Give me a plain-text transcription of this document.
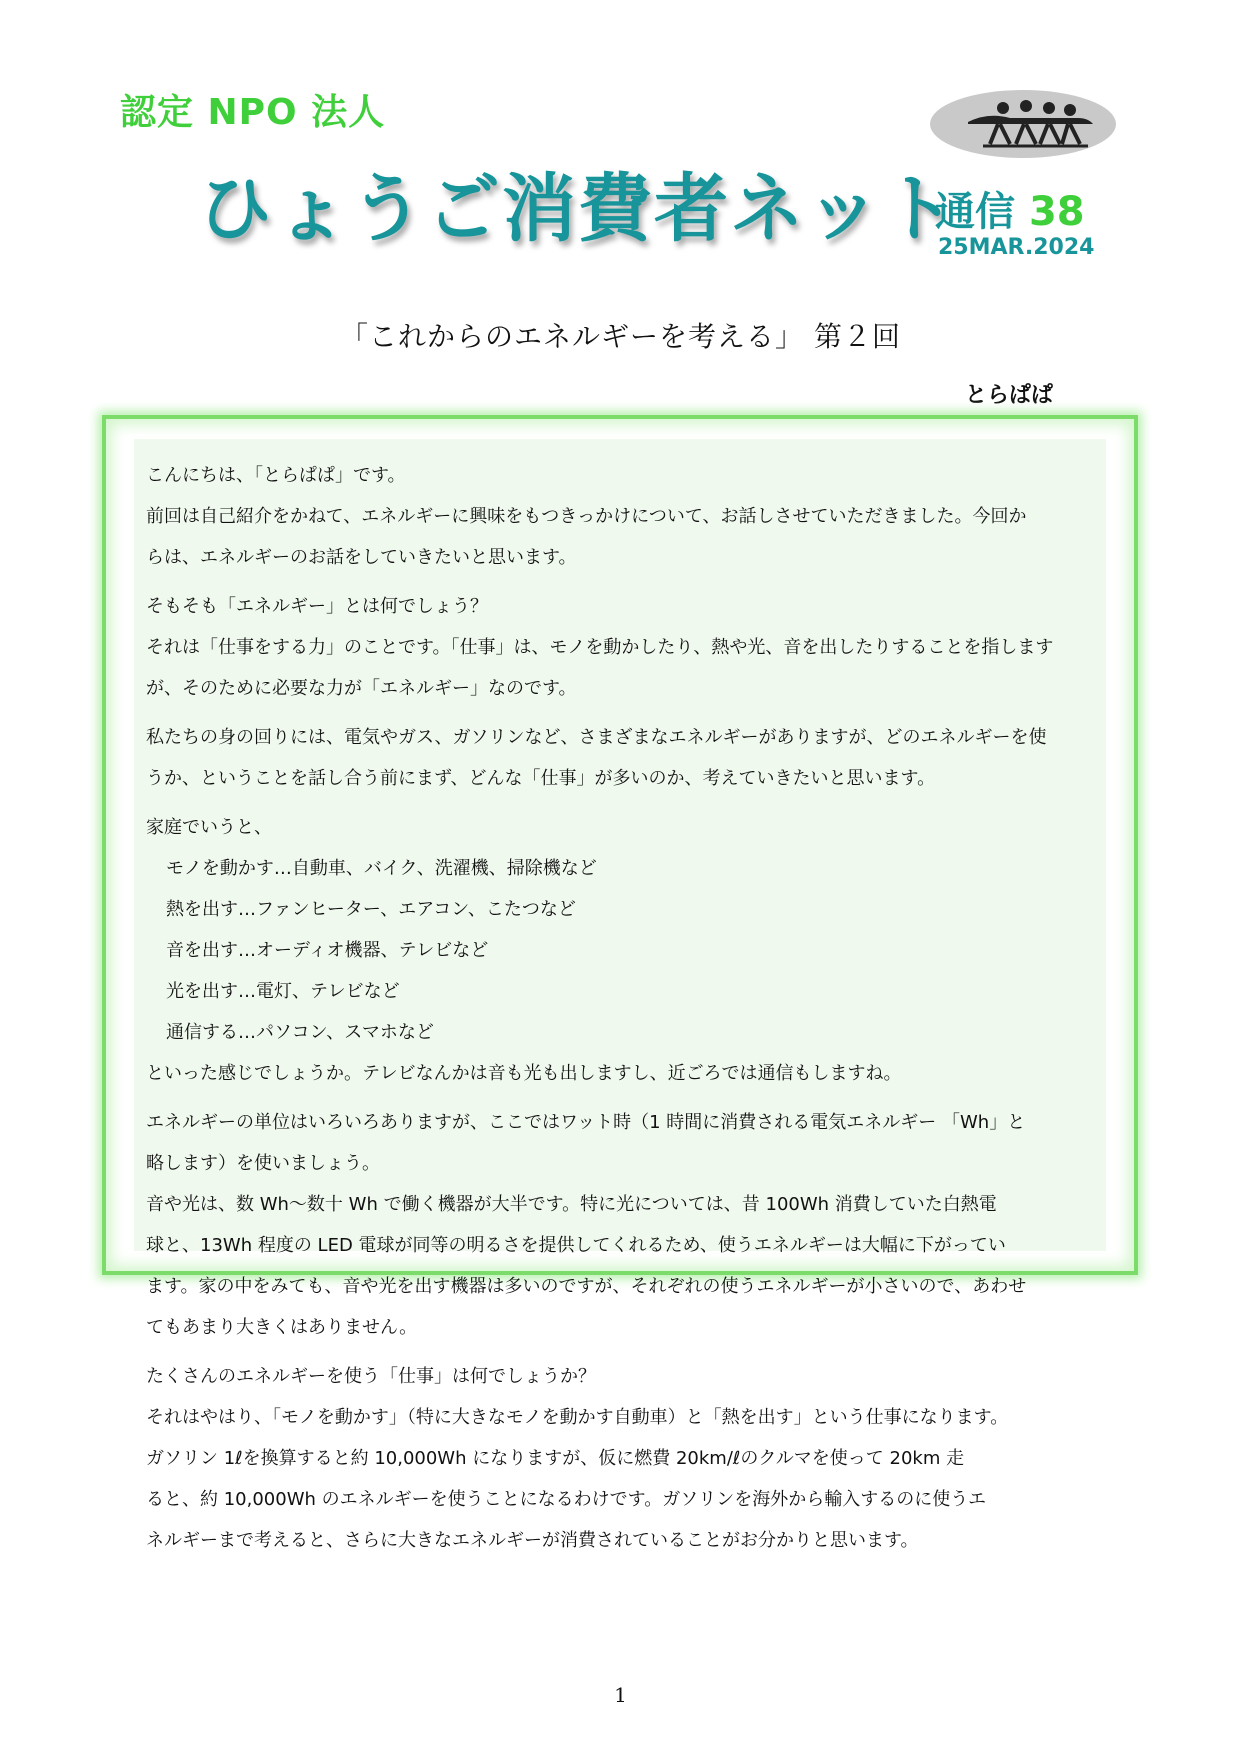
認定 NPO 法人
ひょうご消費者ネット
通信 38
25MAR.2024
「これからのエネルギーを考える」 第２回
とらぱぱ

こんにちは、「とらぱぱ」です。
前回は自己紹介をかねて、エネルギーに興味をもつきっかけについて、お話しさせていただきました。今回か
らは、エネルギーのお話をしていきたいと思います。

そもそも「エネルギー」とは何でしょう？
それは「仕事をする力」のことです。「仕事」は、モノを動かしたり、熱や光、音を出したりすることを指します
が、そのために必要な力が「エネルギー」なのです。

私たちの身の回りには、電気やガス、ガソリンなど、さまざまなエネルギーがありますが、どのエネルギーを使
うか、ということを話し合う前にまず、どんな「仕事」が多いのか、考えていきたいと思います。

家庭でいうと、
モノを動かす…自動車、バイク、洗濯機、掃除機など
熱を出す…ファンヒーター、エアコン、こたつなど
音を出す…オーディオ機器、テレビなど
光を出す…電灯、テレビなど
通信する…パソコン、スマホなど
といった感じでしょうか。テレビなんかは音も光も出しますし、近ごろでは通信もしますね。

エネルギーの単位はいろいろありますが、ここではワット時（1 時間に消費される電気エネルギー 「Wh」と
略します）を使いましょう。
音や光は、数 Wh～数十 Wh で働く機器が大半です。特に光については、昔 100Wh 消費していた白熱電
球と、13Wh 程度の LED 電球が同等の明るさを提供してくれるため、使うエネルギーは大幅に下がってい
ます。家の中をみても、音や光を出す機器は多いのですが、それぞれの使うエネルギーが小さいので、あわせ
てもあまり大きくはありません。

たくさんのエネルギーを使う「仕事」は何でしょうか？
それはやはり、「モノを動かす」（特に大きなモノを動かす自動車）と「熱を出す」という仕事になります。
ガソリン 1ℓを換算すると約 10,000Wh になりますが、仮に燃費 20km/ℓのクルマを使って 20km 走
ると、約 10,000Wh のエネルギーを使うことになるわけです。ガソリンを海外から輸入するのに使うエ
ネルギーまで考えると、さらに大きなエネルギーが消費されていることがお分かりと思います。

1
